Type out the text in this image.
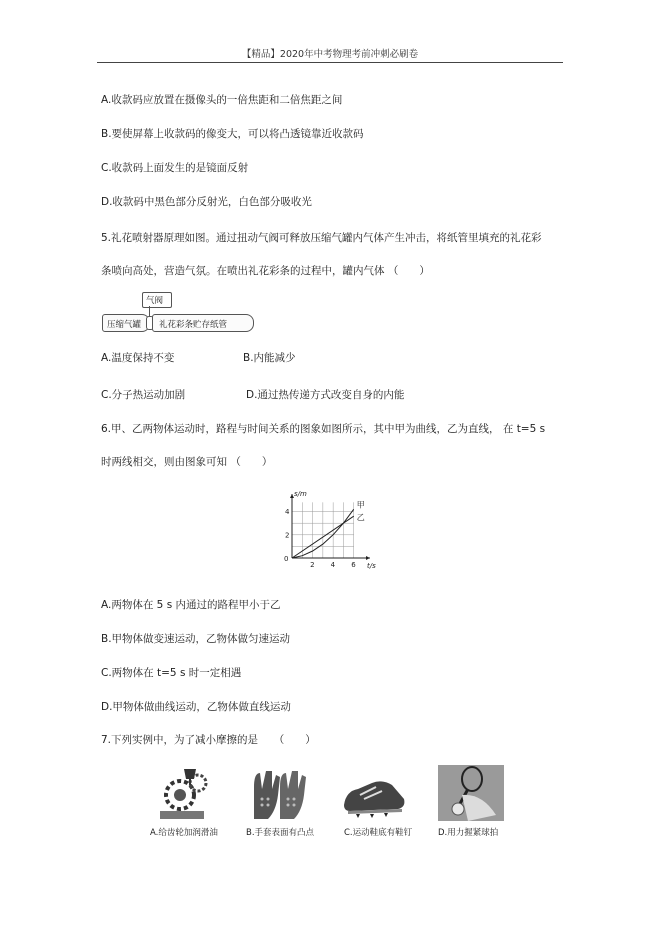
【精品】2020年中考物理考前冲刺必刷卷
A.收款码应放置在摄像头的一倍焦距和二倍焦距之间
B.要使屏幕上收款码的像变大，可以将凸透镜靠近收款码
C.收款码上面发生的是镜面反射
D.收款码中黑色部分反射光，白色部分吸收光
5.礼花喷射器原理如图。通过扭动气阀可释放压缩气罐内气体产生冲击，将纸管里填充的礼花彩
条喷向高处，营造气氛。在喷出礼花彩条的过程中，罐内气体 （　　）
气阀
压缩气罐 礼花彩条贮存纸管
A.温度保持不变	B.内能减少
C.分子热运动加剧	D.通过热传递方式改变自身的内能
6.甲、乙两物体运动时，路程与时间关系的图象如图所示，其中甲为曲线，乙为直线， 在 t=5 s
时两线相交，则由图象可知 （　　）
2 4 6
2
4
0
t/s
s/m
甲
乙
A.两物体在 5 s 内通过的路程甲小于乙
B.甲物体做变速运动，乙物体做匀速运动
C.两物体在 t=5 s 时一定相遇
D.甲物体做曲线运动，乙物体做直线运动
7.下列实例中，为了减小摩擦的是　　（　　）
A.给齿轮加润滑油	B.手套表面有凸点	C.运动鞋底有鞋钉	D.用力握紧球拍
